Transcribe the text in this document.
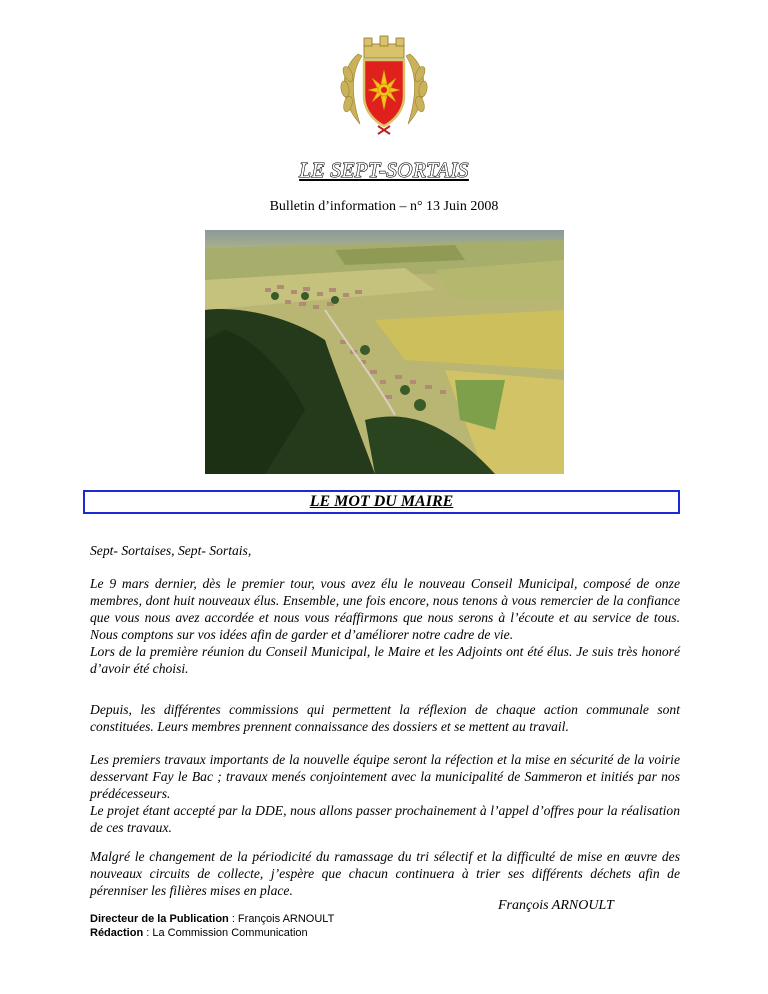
LE SEPT-SORTAIS
Bulletin d’information – n° 13 Juin 2008
LE MOT DU MAIRE

Sept- Sortaises, Sept- Sortais,

Le 9 mars dernier, dès le premier tour, vous avez élu le nouveau Conseil Municipal, composé de onze membres, dont huit nouveaux élus. Ensemble, une fois encore, nous tenons à vous remercier de la confiance que vous nous avez accordée et nous vous réaffirmons que nous serons à l’écoute et au service de tous. Nous comptons sur vos idées afin de garder et d’améliorer notre cadre de vie.

Lors de la première réunion du Conseil Municipal, le Maire et les Adjoints ont été élus. Je suis très honoré d’avoir été choisi.

Depuis, les différentes commissions qui permettent la réflexion de chaque action communale sont constituées. Leurs membres prennent connaissance des dossiers et se mettent au travail.

Les premiers travaux importants de la nouvelle équipe seront la réfection et la mise en sécurité de la voirie desservant Fay le Bac ; travaux menés conjointement avec la municipalité de Sammeron et initiés par nos prédécesseurs.

Le projet étant accepté par la DDE, nous allons passer prochainement à l’appel d’offres pour la réalisation de ces travaux.

Malgré le changement de la périodicité du ramassage du tri sélectif et la difficulté de mise en œuvre des nouveaux circuits de collecte, j’espère que chacun continuera à trier ses différents déchets afin de pérenniser les filières mises en place.

François ARNOULT
Directeur de la Publication : François ARNOULT
Rédaction : La Commission Communication
